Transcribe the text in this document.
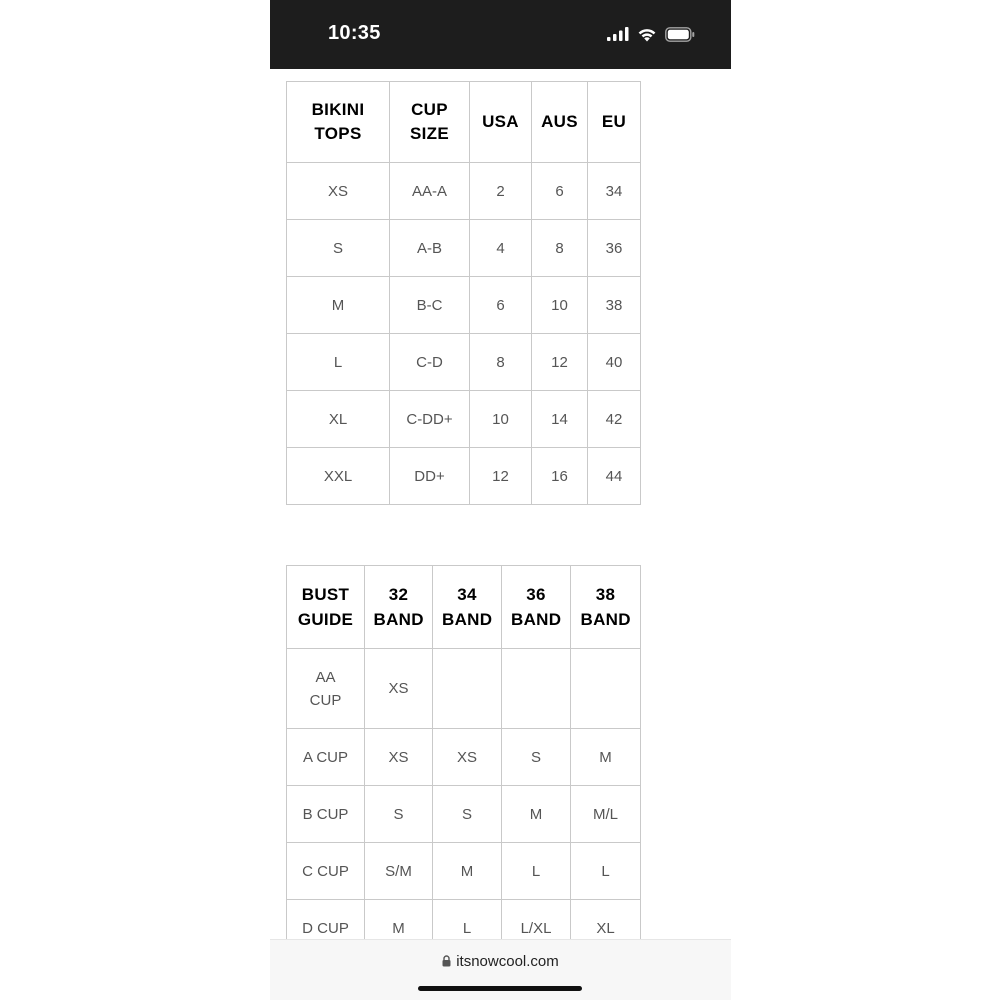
10:35
BIKINI TOPS	CUP SIZE	USA	AUS	EU
XS	AA-A	2	6	34
S	A-B	4	8	36
M	B-C	6	10	38
L	C-D	8	12	40
XL	C-DD+	10	14	42
XXL	DD+	12	16	44
BUST GUIDE	32 BAND	34 BAND	36 BAND	38 BAND
AA CUP	XS			
A CUP	XS	XS	S	M
B CUP	S	S	M	M/L
C CUP	S/M	M	L	L
D CUP	M	L	L/XL	XL
itsnowcool.com
